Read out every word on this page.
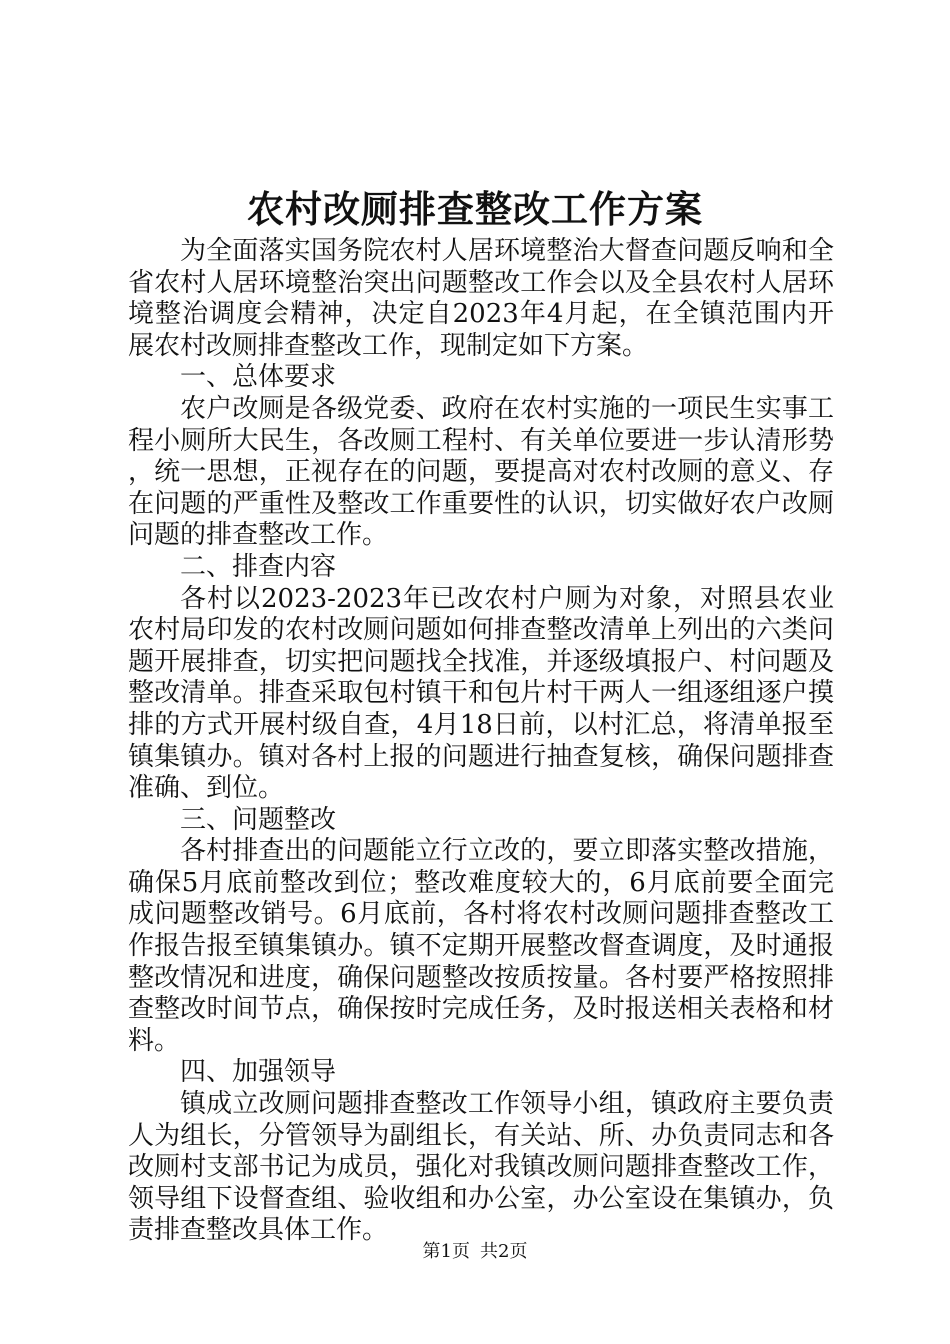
农村改厕排查整改工作方案

为全面落实国务院农村人居环境整治大督查问题反响和全省农村人居环境整治突出问题整改工作会以及全县农村人居环境整治调度会精神，决定自2023年4月起，在全镇范围内开展农村改厕排查整改工作，现制定如下方案。

一、总体要求

农户改厕是各级党委、政府在农村实施的一项民生实事工程小厕所大民生，各改厕工程村、有关单位要进一步认清形势，统一思想，正视存在的问题，要提高对农村改厕的意义、存在问题的严重性及整改工作重要性的认识，切实做好农户改厕问题的排查整改工作。

二、排查内容

各村以2023-2023年已改农村户厕为对象，对照县农业农村局印发的农村改厕问题如何排查整改清单上列出的六类问题开展排查，切实把问题找全找准，并逐级填报户、村问题及整改清单。排查采取包村镇干和包片村干两人一组逐组逐户摸排的方式开展村级自查，4月18日前，以村汇总，将清单报至镇集镇办。镇对各村上报的问题进行抽查复核，确保问题排查准确、到位。

三、问题整改

各村排查出的问题能立行立改的，要立即落实整改措施，确保5月底前整改到位；整改难度较大的，6月底前要全面完成问题整改销号。6月底前，各村将农村改厕问题排查整改工作报告报至镇集镇办。镇不定期开展整改督查调度，及时通报整改情况和进度，确保问题整改按质按量。各村要严格按照排查整改时间节点，确保按时完成任务，及时报送相关表格和材料。

四、加强领导

镇成立改厕问题排查整改工作领导小组，镇政府主要负责人为组长，分管领导为副组长，有关站、所、办负责同志和各改厕村支部书记为成员，强化对我镇改厕问题排查整改工作，领导组下设督查组、验收组和办公室，办公室设在集镇办，负责排查整改具体工作。

第1页 共2页
